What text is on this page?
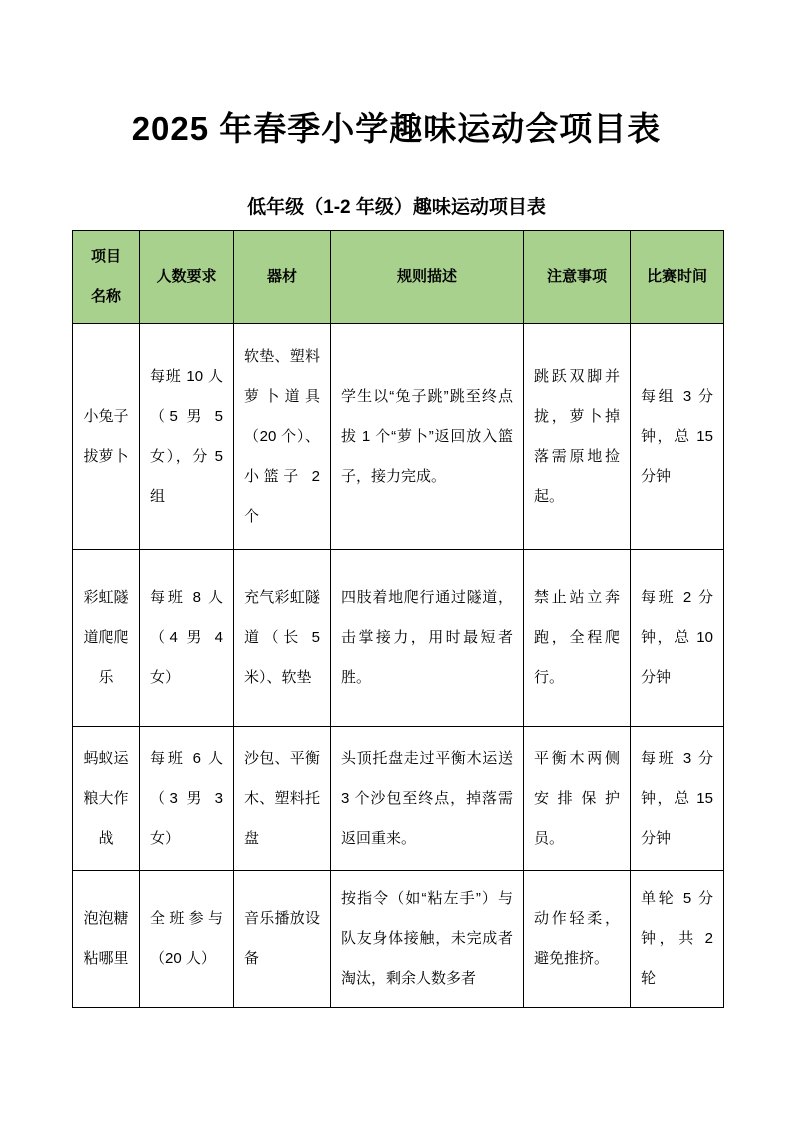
2025 年春季小学趣味运动会项目表
低年级（1-2 年级）趣味运动项目表
项目名称	人数要求	器材	规则描述	注意事项	比赛时间
小兔子拔萝卜	每班 10 人（5 男 5 女），分 5 组	软垫、塑料萝卜道具（20 个）、小篮子 2 个	学生以“兔子跳”跳至终点拔 1 个“萝卜”返回放入篮子，接力完成。	跳跃双脚并拢，萝卜掉落需原地捡起。	每组 3 分钟，总 15 分钟
彩虹隧道爬爬乐	每班 8 人（4 男 4 女）	充气彩虹隧道（长 5 米）、软垫	四肢着地爬行通过隧道，击掌接力，用时最短者胜。	禁止站立奔跑，全程爬行。	每班 2 分钟，总 10 分钟
蚂蚁运粮大作战	每班 6 人（3 男 3 女）	沙包、平衡木、塑料托盘	头顶托盘走过平衡木运送 3 个沙包至终点，掉落需返回重来。	平衡木两侧安排保护员。	每班 3 分钟，总 15 分钟
泡泡糖粘哪里	全班参与（20 人）	音乐播放设备	按指令（如“粘左手”）与队友身体接触，未完成者淘汰，剩余人数多者	动作轻柔，避免推挤。	单轮 5 分钟，共 2 轮
